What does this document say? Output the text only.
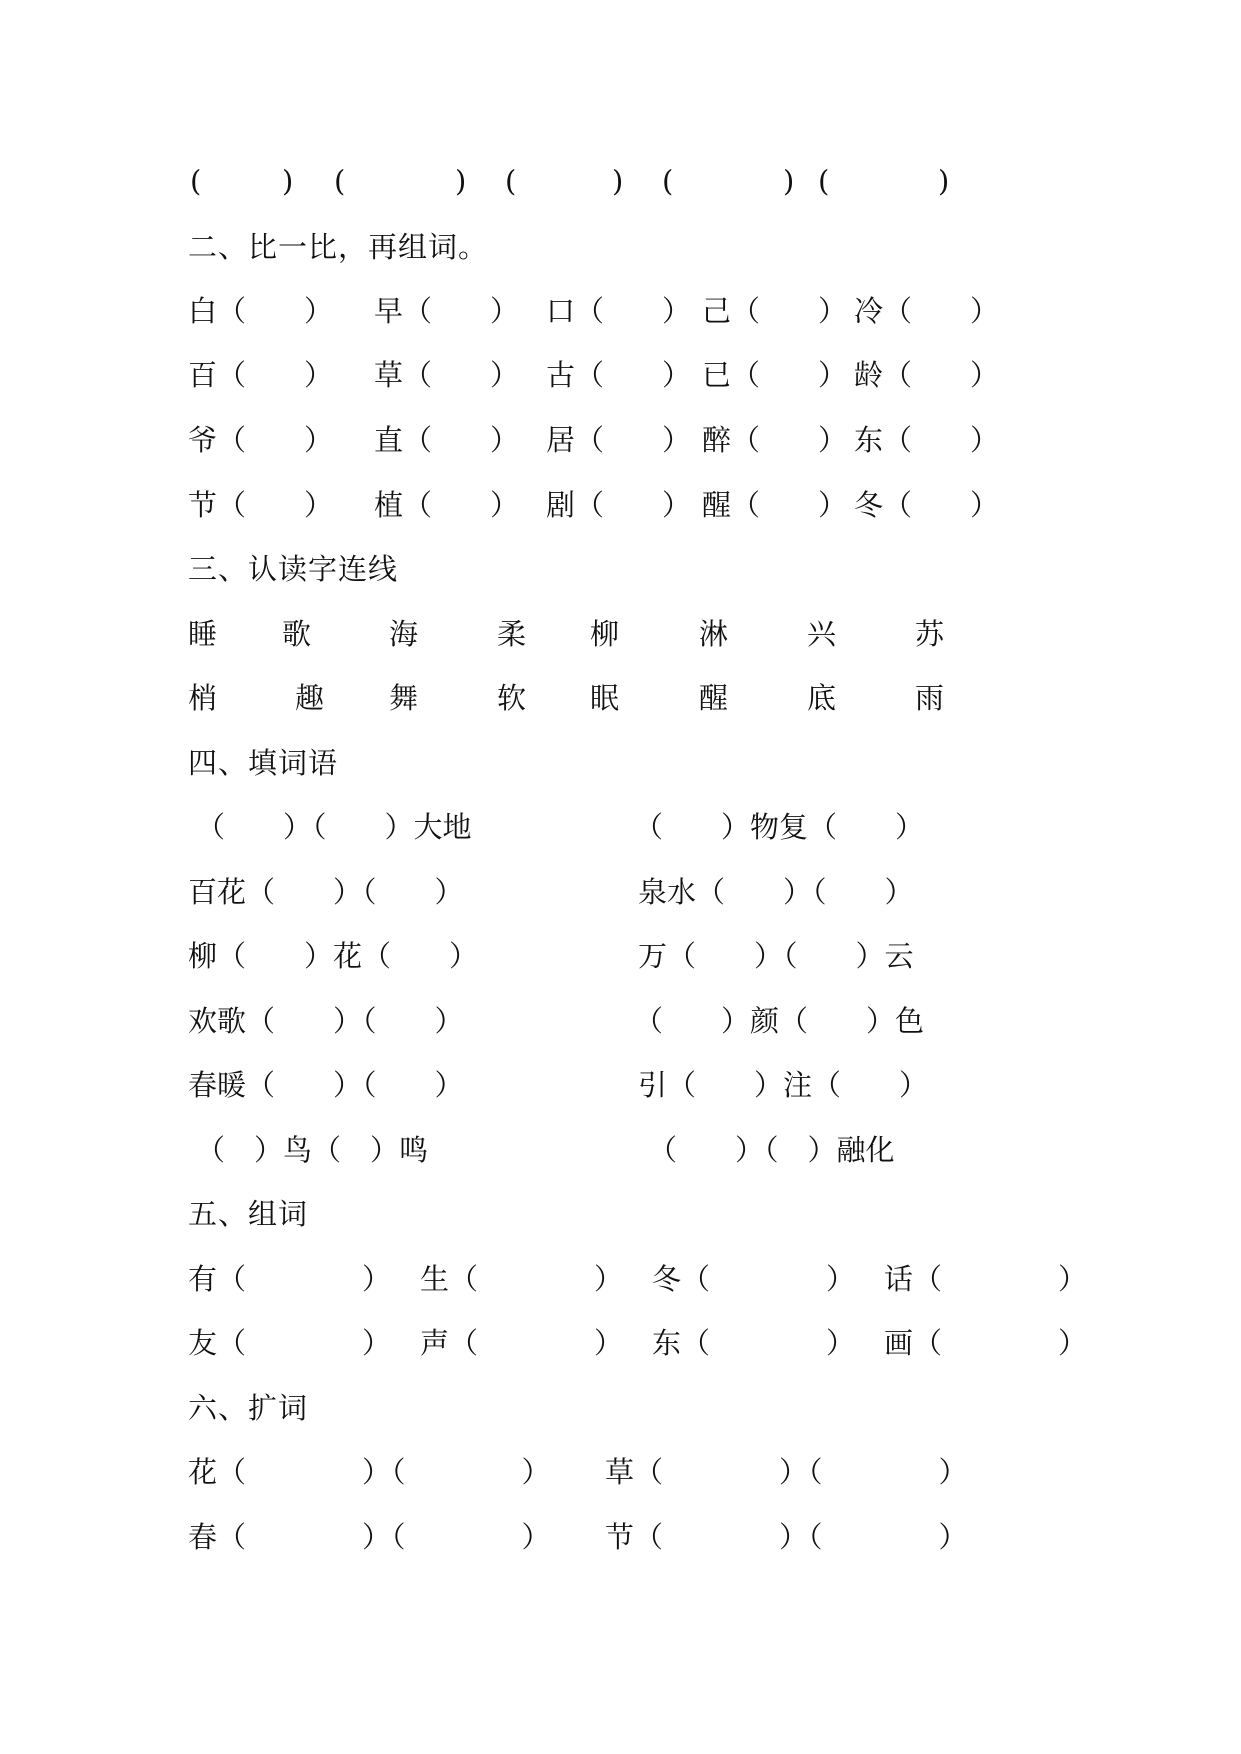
(	) (	) (	) (	) (	)
二、比一比，再组词。
白（　　） 早（　　） 口（　　） 己（　　） 冷（　　）
百（　　） 草（　　） 古（　　） 已（　　） 龄（　　）
爷（　　） 直（　　） 居（　　） 醉（　　） 东（　　）
节（　　） 植（　　） 剧（　　） 醒（　　） 冬（　　）
三、认读字连线
睡 歌	海	柔 柳	淋	兴	苏
梢	趣 舞	软 眠	醒	底	雨
四、填词语
（　　）（　　）大地	（　　）物复（　　）
百花（　　）（　　）	泉水（　　）（　　）
柳（　　）花（　　）	万（　　）（　　）云
欢歌（　　）（　　）	（　　）颜（　　）色
春暖（　　）（　　）	引（　　）注（　　）
（　）鸟（　）鸣	（　　）（　）融化
五、组词
有（　　　　） 生（　　　　） 冬（　　　　） 话（　　　　）
友（　　　　） 声（　　　　） 东（　　　　） 画（　　　　）
六、扩词
花（　　　　）（　　　　） 草（　　　　）（　　　　）
春（　　　　）（　　　　） 节（　　　　）（　　　　）
